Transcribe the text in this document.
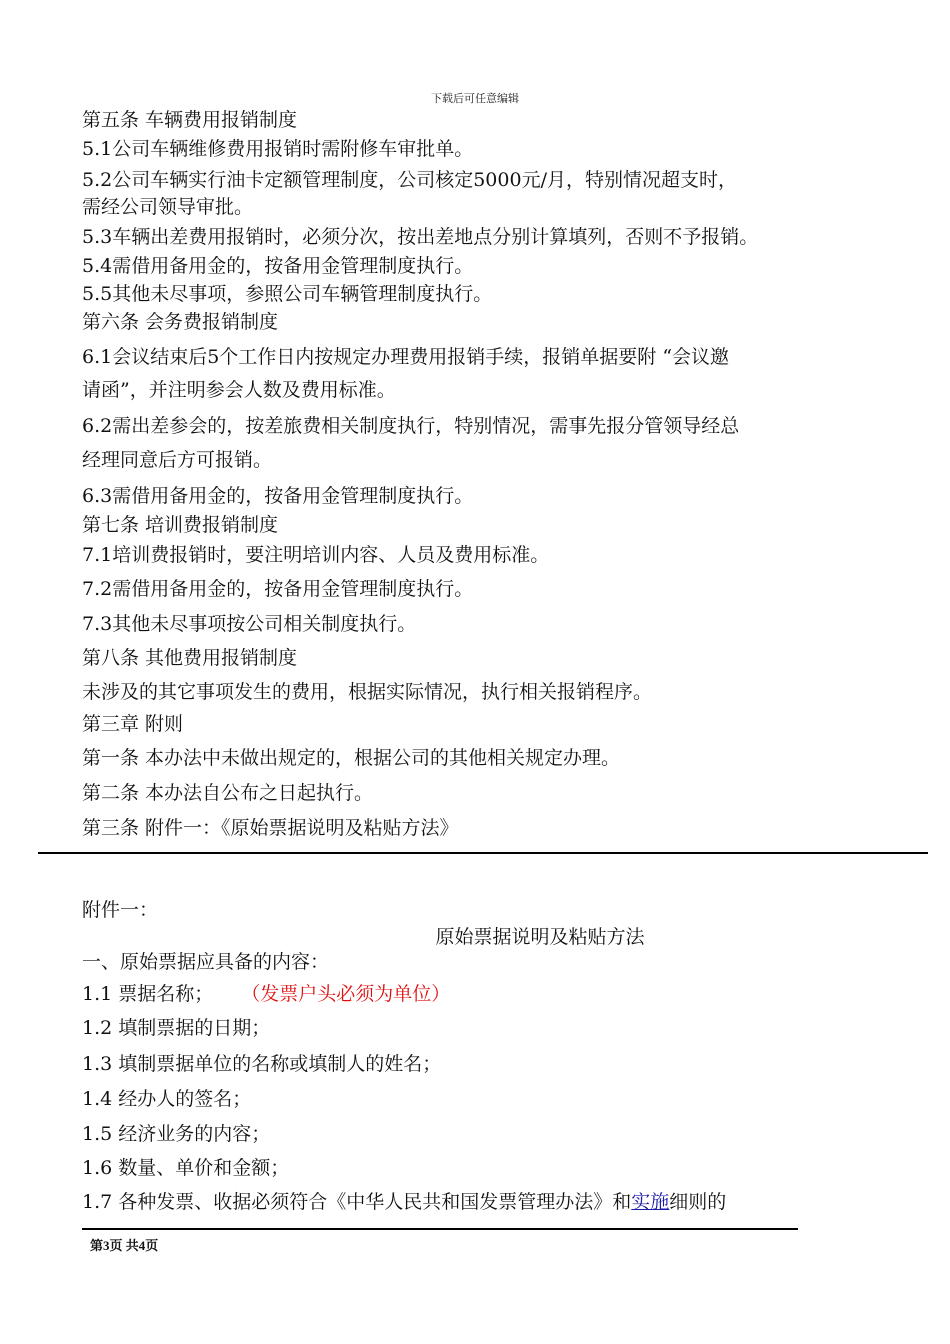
下载后可任意编辑
第五条 车辆费用报销制度
5.1公司车辆维修费用报销时需附修车审批单。
5.2公司车辆实行油卡定额管理制度，公司核定5000元/月，特别情况超支时，
需经公司领导审批。
5.3车辆出差费用报销时，必须分次，按出差地点分别计算填列，否则不予报销。
5.4需借用备用金的，按备用金管理制度执行。
5.5其他未尽事项，参照公司车辆管理制度执行。
第六条 会务费报销制度
6.1会议结束后5个工作日内按规定办理费用报销手续，报销单据要附 “会议邀
请函”，并注明参会人数及费用标准。
6.2需出差参会的，按差旅费相关制度执行，特别情况，需事先报分管领导经总
经理同意后方可报销。
6.3需借用备用金的，按备用金管理制度执行。
第七条 培训费报销制度
7.1培训费报销时，要注明培训内容、人员及费用标准。
7.2需借用备用金的，按备用金管理制度执行。
7.3其他未尽事项按公司相关制度执行。
第八条 其他费用报销制度
未涉及的其它事项发生的费用，根据实际情况，执行相关报销程序。
第三章 附则
第一条 本办法中未做出规定的，根据公司的其他相关规定办理。
第二条 本办法自公布之日起执行。
第三条 附件一：《原始票据说明及粘贴方法》
附件一：
原始票据说明及粘贴方法
一、原始票据应具备的内容：
1.1 票据名称； （发票户头必须为单位）
1.2 填制票据的日期；
1.3 填制票据单位的名称或填制人的姓名；
1.4 经办人的签名；
1.5 经济业务的内容；
1.6 数量、单价和金额；
1.7 各种发票、收据必须符合《中华人民共和国发票管理办法》和实施细则的
第3页 共4页
